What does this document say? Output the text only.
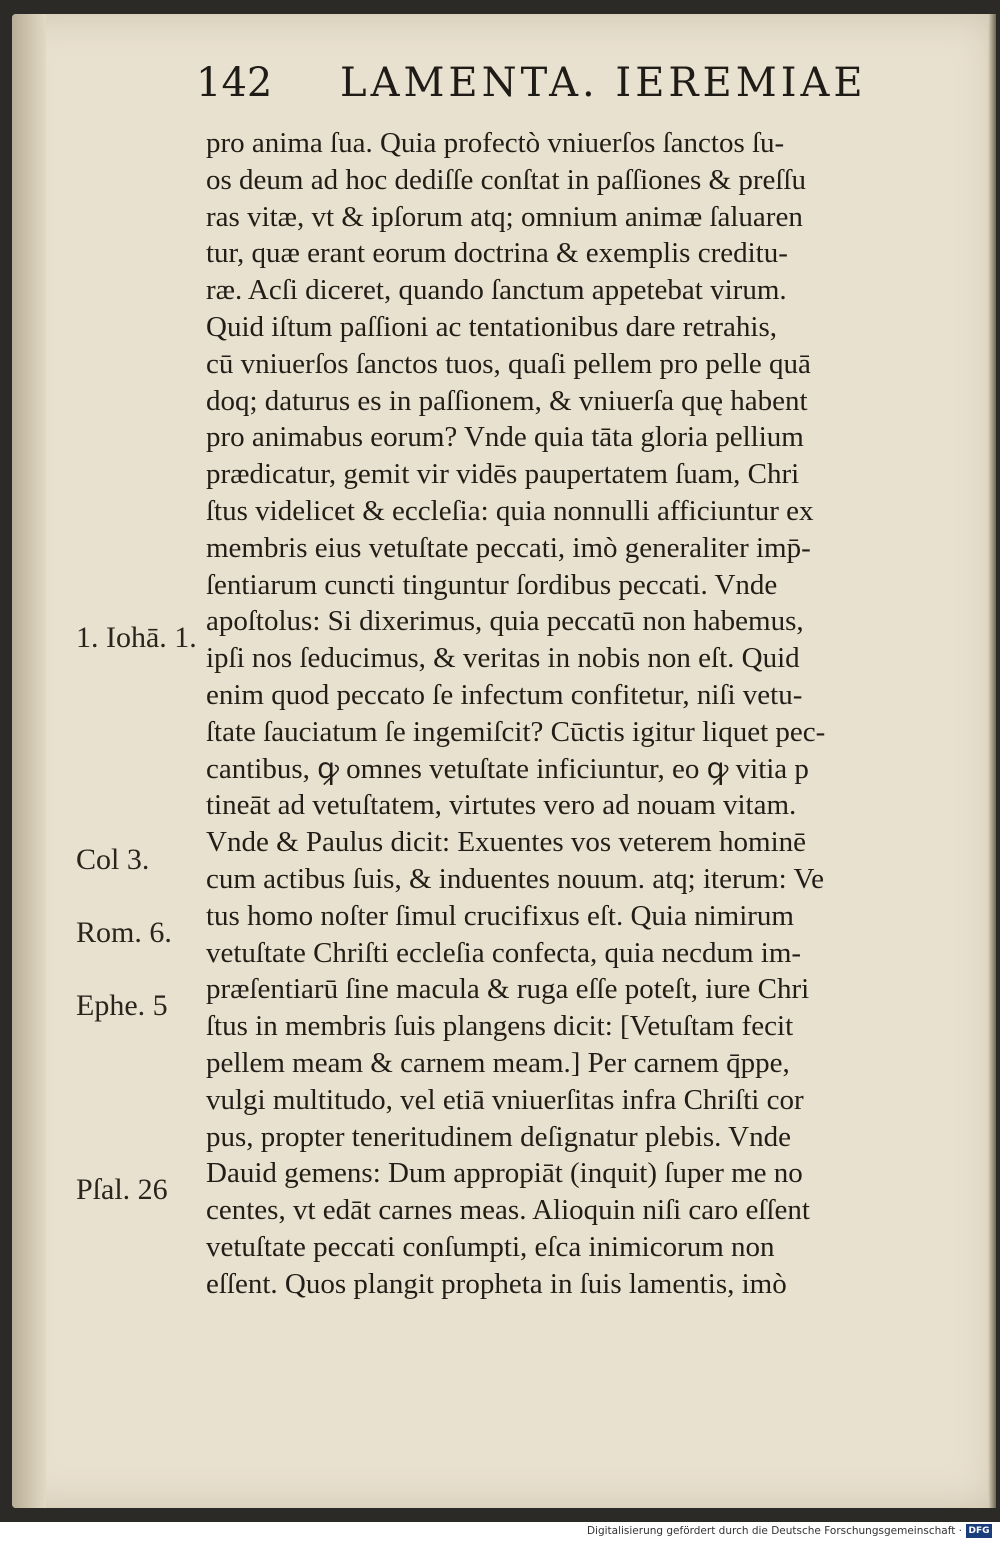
142 LAMENTA. IEREMIAE
pro anima ſua. Quia profectò vniuerſos ſanctos ſu-
os deum ad hoc dediſſe conſtat in paſſiones & preſſu
ras vitæ, vt & ipſorum atq; omnium animæ ſaluaren
tur, quæ erant eorum doctrina & exemplis creditu-
ræ. Acſi diceret, quando ſanctum appetebat virum.
Quid iſtum paſſioni ac tentationibus dare retrahis,
cū vniuerſos ſanctos tuos, quaſi pellem pro pelle quā
doq; daturus es in paſſionem, & vniuerſa quę habent
pro animabus eorum? Vnde quia tāta gloria pellium
prædicatur, gemit vir vidēs paupertatem ſuam, Chri
ſtus videlicet & eccleſia: quia nonnulli afficiuntur ex
membris eius vetuſtate peccati, imò generaliter imp̄-
ſentiarum cuncti tinguntur ſordibus peccati. Vnde
apoſtolus: Si dixerimus, quia peccatū non habemus,
ipſi nos ſeducimus, & veritas in nobis non eſt. Quid
enim quod peccato ſe infectum confitetur, niſi vetu-
ſtate ſauciatum ſe ingemiſcit? Cūctis igitur liquet pec-
cantibus, ꝙ omnes vetuſtate inficiuntur, eo ꝙ vitia p
tineāt ad vetuſtatem, virtutes vero ad nouam vitam.
Vnde & Paulus dicit: Exuentes vos veterem hominē
cum actibus ſuis, & induentes nouum. atq; iterum: Ve
tus homo noſter ſimul crucifixus eſt. Quia nimirum
vetuſtate Chriſti eccleſia confecta, quia necdum im-
præſentiarū ſine macula & ruga eſſe poteſt, iure Chri
ſtus in membris ſuis plangens dicit: [Vetuſtam fecit
pellem meam & carnem meam.] Per carnem q̄ppe,
vulgi multitudo, vel etiā vniuerſitas infra Chriſti cor
pus, propter teneritudinem deſignatur plebis. Vnde
Dauid gemens: Dum appropiāt (inquit) ſuper me no
centes, vt edāt carnes meas. Alioquin niſi caro eſſent
vetuſtate peccati conſumpti, eſca inimicorum non
eſſent. Quos plangit propheta in ſuis lamentis, imò
1. Iohā. 1.
Col 3.
Rom. 6.
Ephe. 5
Pſal. 26
Digitalisierung gefördert durch die Deutsche Forschungsgemeinschaft · DFG
